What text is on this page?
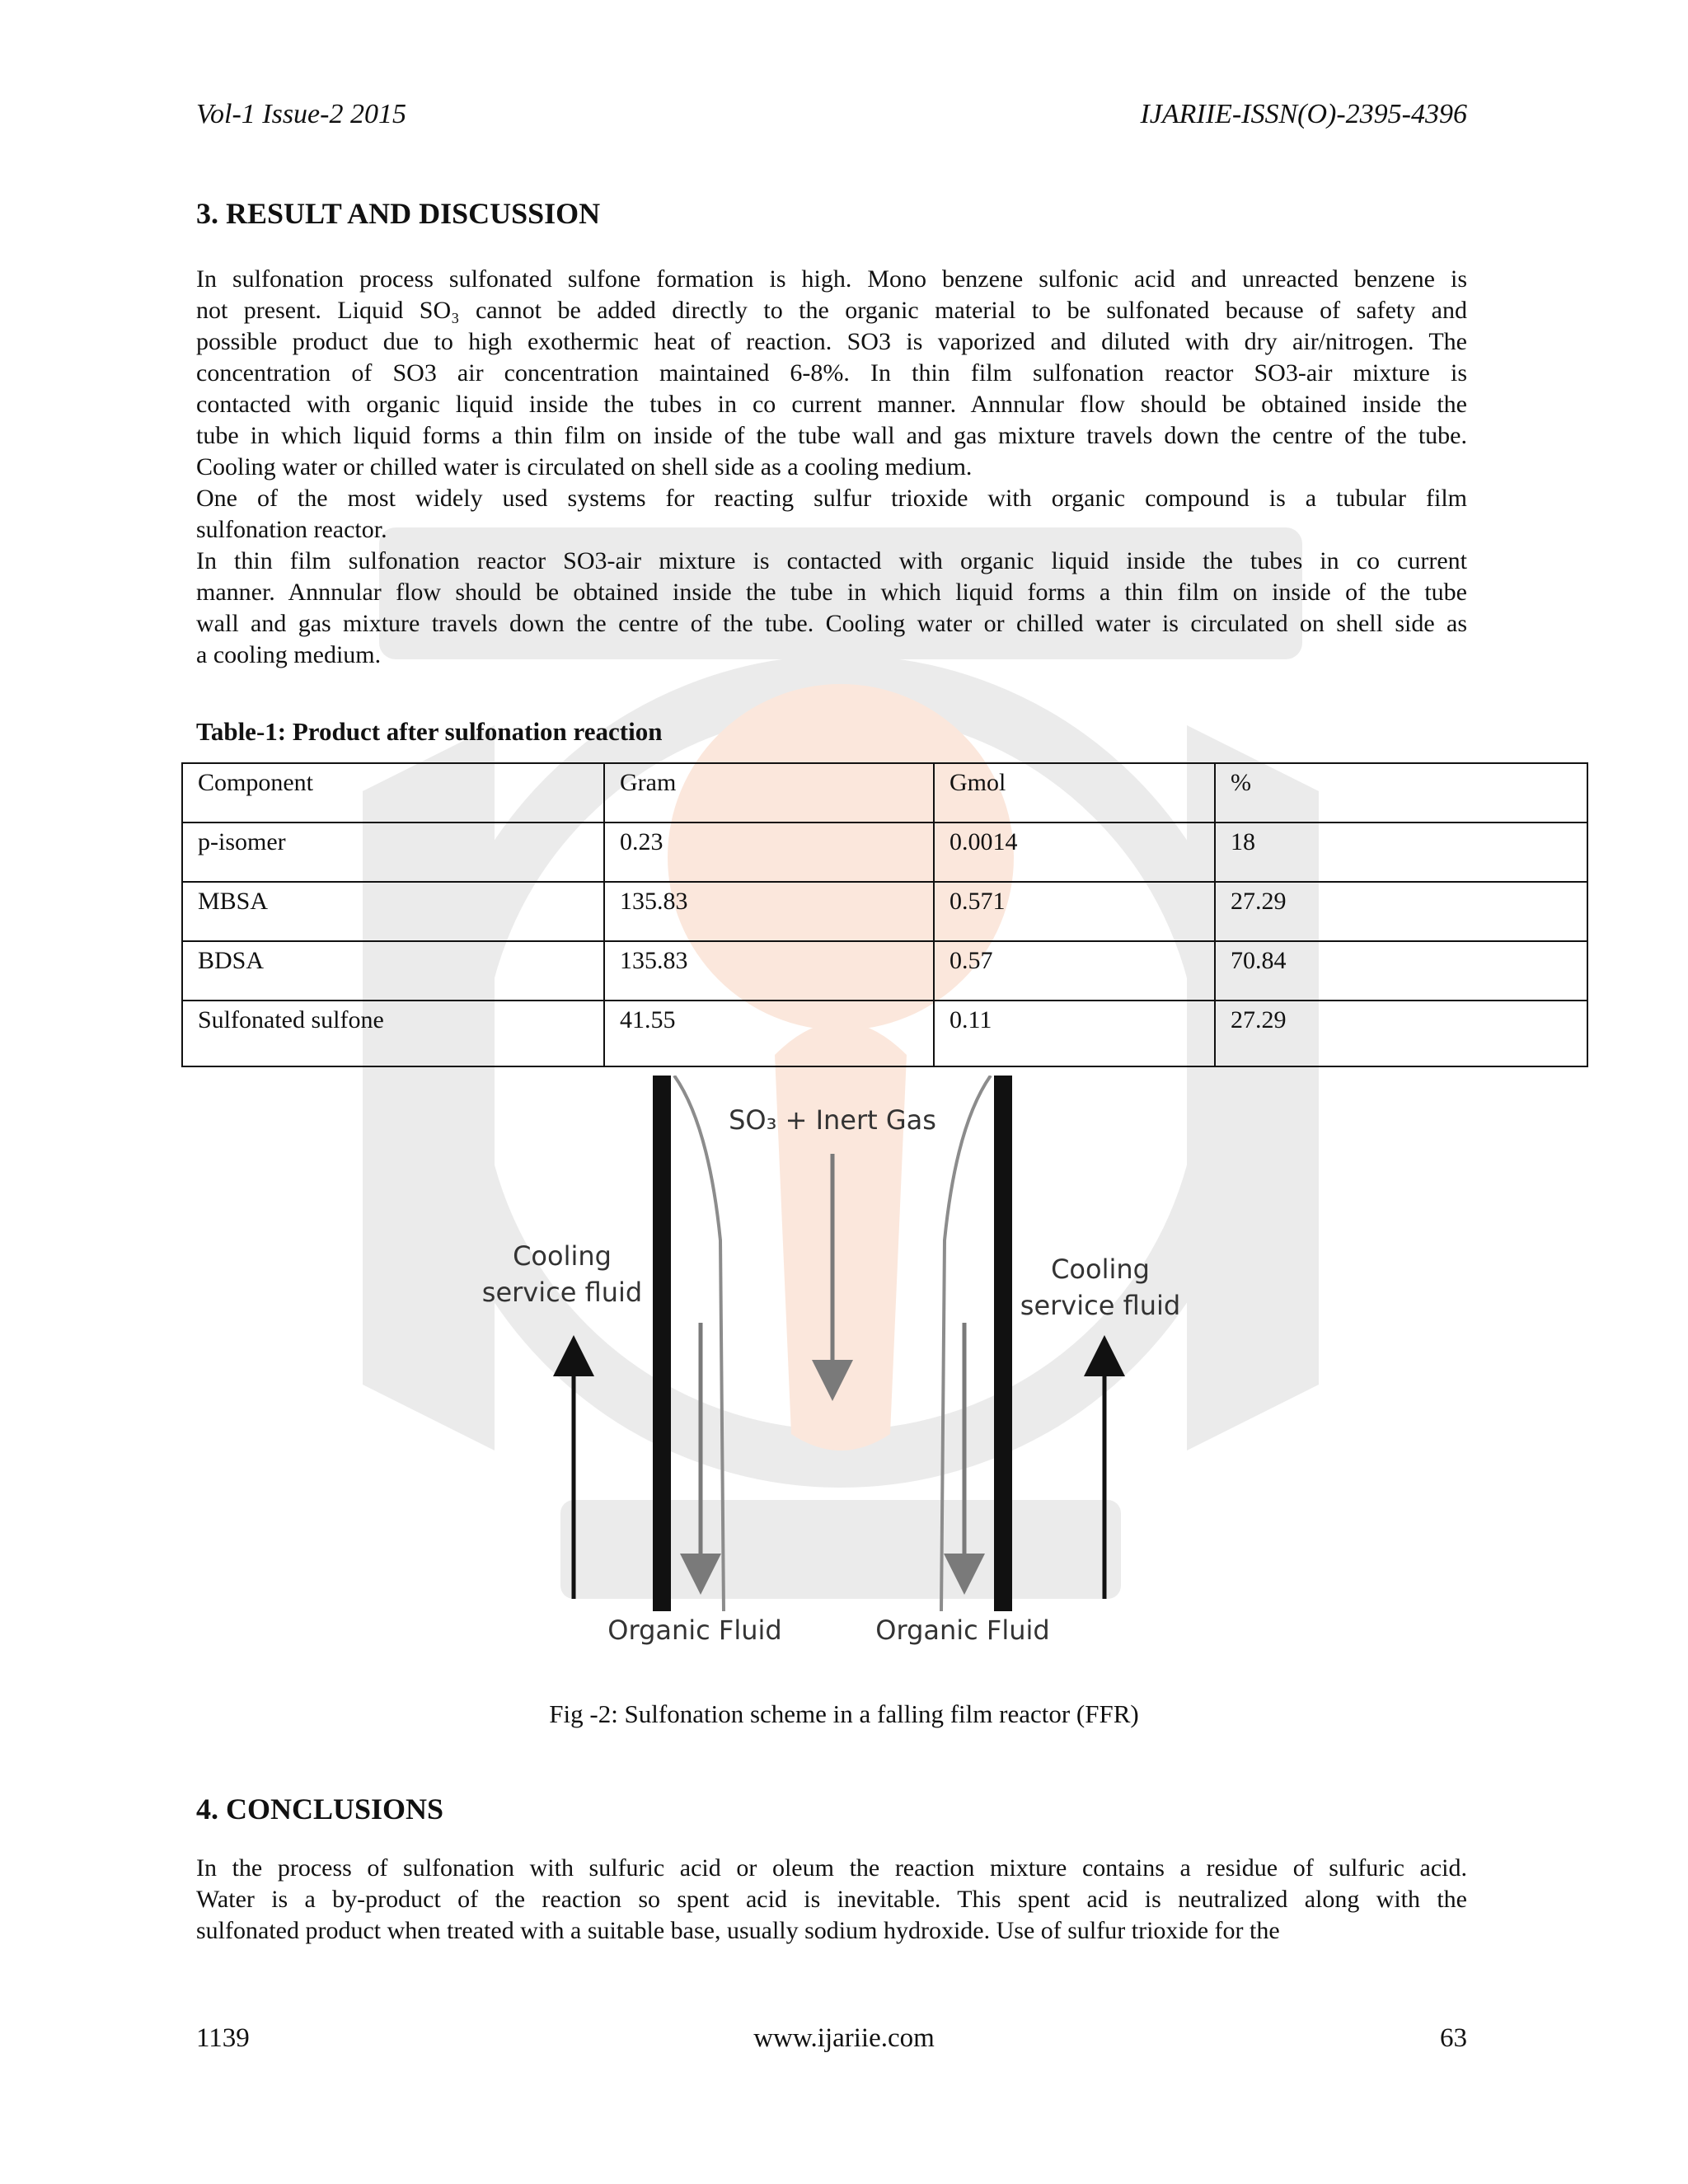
Vol-1 Issue-2 2015	IJARIIE-ISSN(O)-2395-4396
3. RESULT AND DISCUSSION

In sulfonation process sulfonated sulfone formation is high. Mono benzene sulfonic acid and unreacted benzene is
not present. Liquid SO₃ cannot be added directly to the organic material to be sulfonated because of safety and
possible product due to high exothermic heat of reaction. SO3 is vaporized and diluted with dry air/nitrogen. The
concentration of SO3 air concentration maintained 6-8%. In thin film sulfonation reactor SO3-air mixture is
contacted with organic liquid inside the tubes in co current manner. Annnular flow should be obtained inside the
tube in which liquid forms a thin film on inside of the tube wall and gas mixture travels down the centre of the tube.
Cooling water or chilled water is circulated on shell side as a cooling medium.

One of the most widely used systems for reacting sulfur trioxide with organic compound is a tubular film
sulfonation reactor.

In thin film sulfonation reactor SO3-air mixture is contacted with organic liquid inside the tubes in co current
manner. Annnular flow should be obtained inside the tube in which liquid forms a thin film on inside of the tube
wall and gas mixture travels down the centre of the tube. Cooling water or chilled water is circulated on shell side as
a cooling medium.

Table-1: Product after sulfonation reaction
Component	Gram	Gmol	%
p-isomer	0.23	0.0014	18
MBSA	135.83	0.571	27.29
BDSA	135.83	0.57	70.84
Sulfonated sulfone	41.55	0.11	27.29
SO₃ + Inert Gas
Cooling
service fluid
Cooling
service fluid
Organic Fluid	Organic Fluid
Fig -2: Sulfonation scheme in a falling film reactor (FFR)
4. CONCLUSIONS

In the process of sulfonation with sulfuric acid or oleum the reaction mixture contains a residue of sulfuric acid.
Water is a by-product of the reaction so spent acid is inevitable. This spent acid is neutralized along with the
sulfonated product when treated with a suitable base, usually sodium hydroxide. Use of sulfur trioxide for the

1139	www.ijariie.com	63
